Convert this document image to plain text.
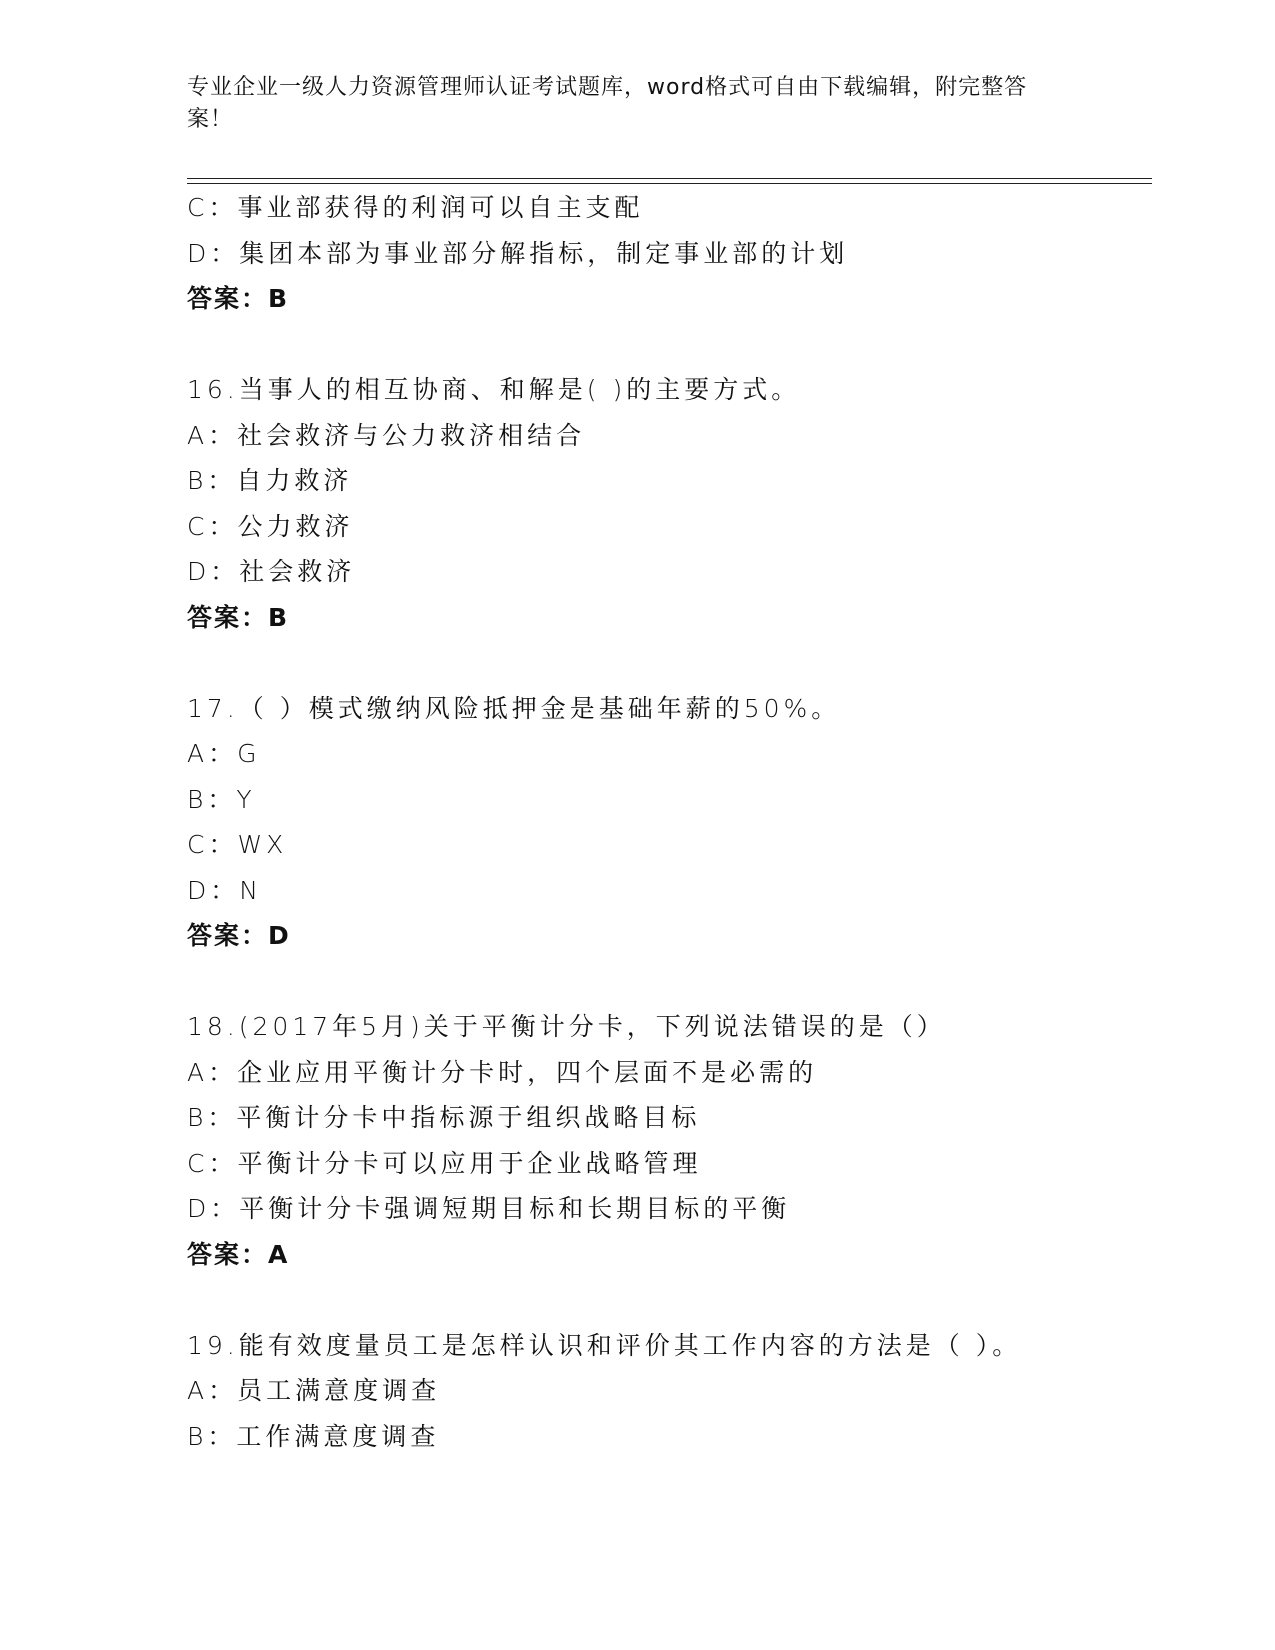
专业企业一级人力资源管理师认证考试题库，word格式可自由下载编辑，附完整答案！
C：事业部获得的利润可以自主支配
D：集团本部为事业部分解指标，制定事业部的计划
答案：B
16.当事人的相互协商、和解是( )的主要方式。
A：社会救济与公力救济相结合
B：自力救济
C：公力救济
D：社会救济
答案：B
17.（ ）模式缴纳风险抵押金是基础年薪的50%。
A：G
B：Y
C：WX
D：N
答案：D
18.(2017年5月)关于平衡计分卡，下列说法错误的是（）
A：企业应用平衡计分卡时，四个层面不是必需的
B：平衡计分卡中指标源于组织战略目标
C：平衡计分卡可以应用于企业战略管理
D：平衡计分卡强调短期目标和长期目标的平衡
答案：A
19.能有效度量员工是怎样认识和评价其工作内容的方法是（ ）。
A：员工满意度调查
B：工作满意度调查
